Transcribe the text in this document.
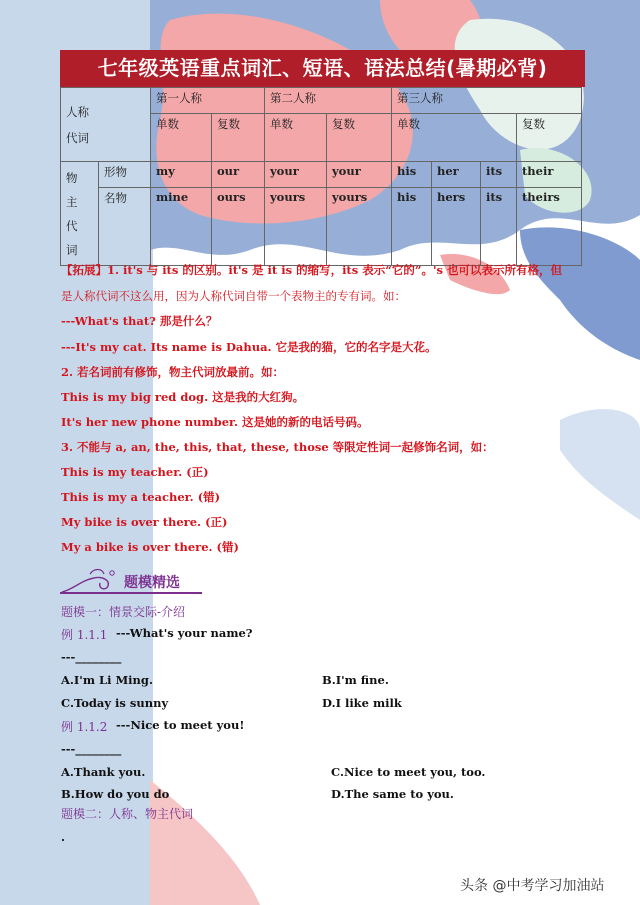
七年级英语重点词汇、短语、语法总结(暑期必背)
人称
代词		第一人称		第二人称		第三人称			
		单数	复数	单数	复数	单数			复数

物
主
代
词	形物	my	our	your	your	his	her	its	their
	名物	mine	ours	yours	yours	his	hers	its	theirs
【拓展】1. it's 与 its 的区别。it's 是 it is 的缩写，its 表示“它的”。's 也可以表示所有格，但
是人称代词不这么用，因为人称代词自带一个表物主的专有词。如：
---What's that? 那是什么？
---It's my cat. Its name is Dahua. 它是我的猫，它的名字是大花。
2. 若名词前有修饰，物主代词放最前。如：
This is my big red dog. 这是我的大红狗。
It's her new phone number. 这是她的新的电话号码。
3. 不能与 a, an, the, this, that, these, those 等限定性词一起修饰名词，如：
This is my teacher. (正)
This is my a teacher. (错)
My bike is over there. (正)
My a bike is over there. (错)
题模精选
题模一：情景交际-介绍
例 1.1.1 ---What's your name?
---________
A.I'm Li Ming.	B.I'm fine.
C.Today is sunny	D.I like milk
例 1.1.2 ---Nice to meet you!
---________
A.Thank you.	C.Nice to meet you, too.
B.How do you do	D.The same to you.
题模二：人称、物主代词
.
头条 @中考学习加油站
